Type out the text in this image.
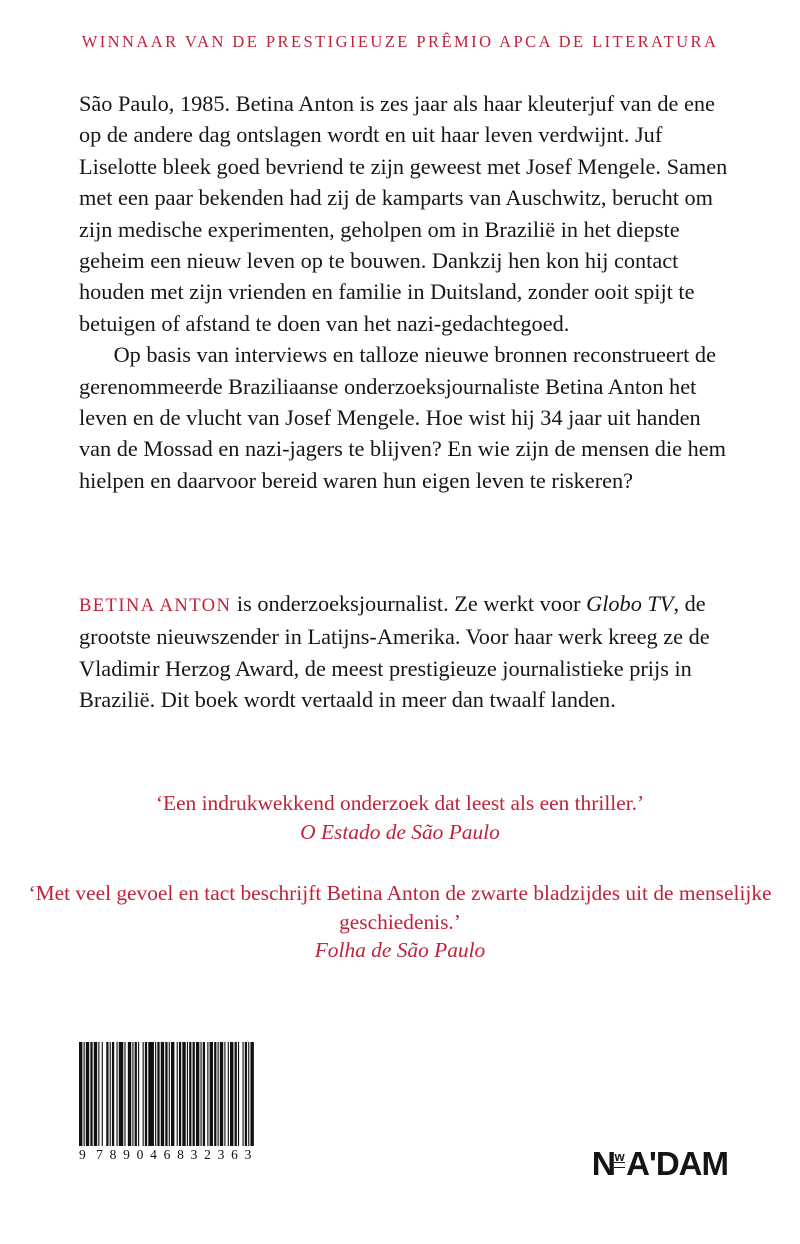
WINNAAR VAN DE PRESTIGIEUZE PRÊMIO APCA DE LITERATURA

São Paulo, 1985. Betina Anton is zes jaar als haar kleuterjuf van de ene op de andere dag ontslagen wordt en uit haar leven verdwijnt. Juf Liselotte bleek goed bevriend te zijn geweest met Josef Mengele. Samen met een paar bekenden had zij de kamparts van Auschwitz, berucht om zijn medische experimenten, geholpen om in Brazilië in het diepste geheim een nieuw leven op te bouwen. Dankzij hen kon hij contact houden met zijn vrienden en familie in Duitsland, zonder ooit spijt te betuigen of afstand te doen van het nazi-gedachtegoed.

Op basis van interviews en talloze nieuwe bronnen reconstrueert de gerenommeerde Braziliaanse onderzoeksjournaliste Betina Anton het leven en de vlucht van Josef Mengele. Hoe wist hij 34 jaar uit handen van de Mossad en nazi-jagers te blijven? En wie zijn de mensen die hem hielpen en daarvoor bereid waren hun eigen leven te riskeren?

BETINA ANTON is onderzoeksjournalist. Ze werkt voor Globo TV, de grootste nieuwszender in Latijns-Amerika. Voor haar werk kreeg ze de Vladimir Herzog Award, de meest prestigieuze journalistieke prijs in Brazilië. Dit boek wordt vertaald in meer dan twaalf landen.

‘Een indrukwekkend onderzoek dat leest als een thriller.’

O Estado de São Paulo

‘Met veel gevoel en tact beschrijft Betina Anton de zwarte bladzijdes uit de menselijke geschiedenis.’

Folha de São Paulo

9 7 8 9 0 4 6 8 3 2 3 6 3	N w A'DAM
